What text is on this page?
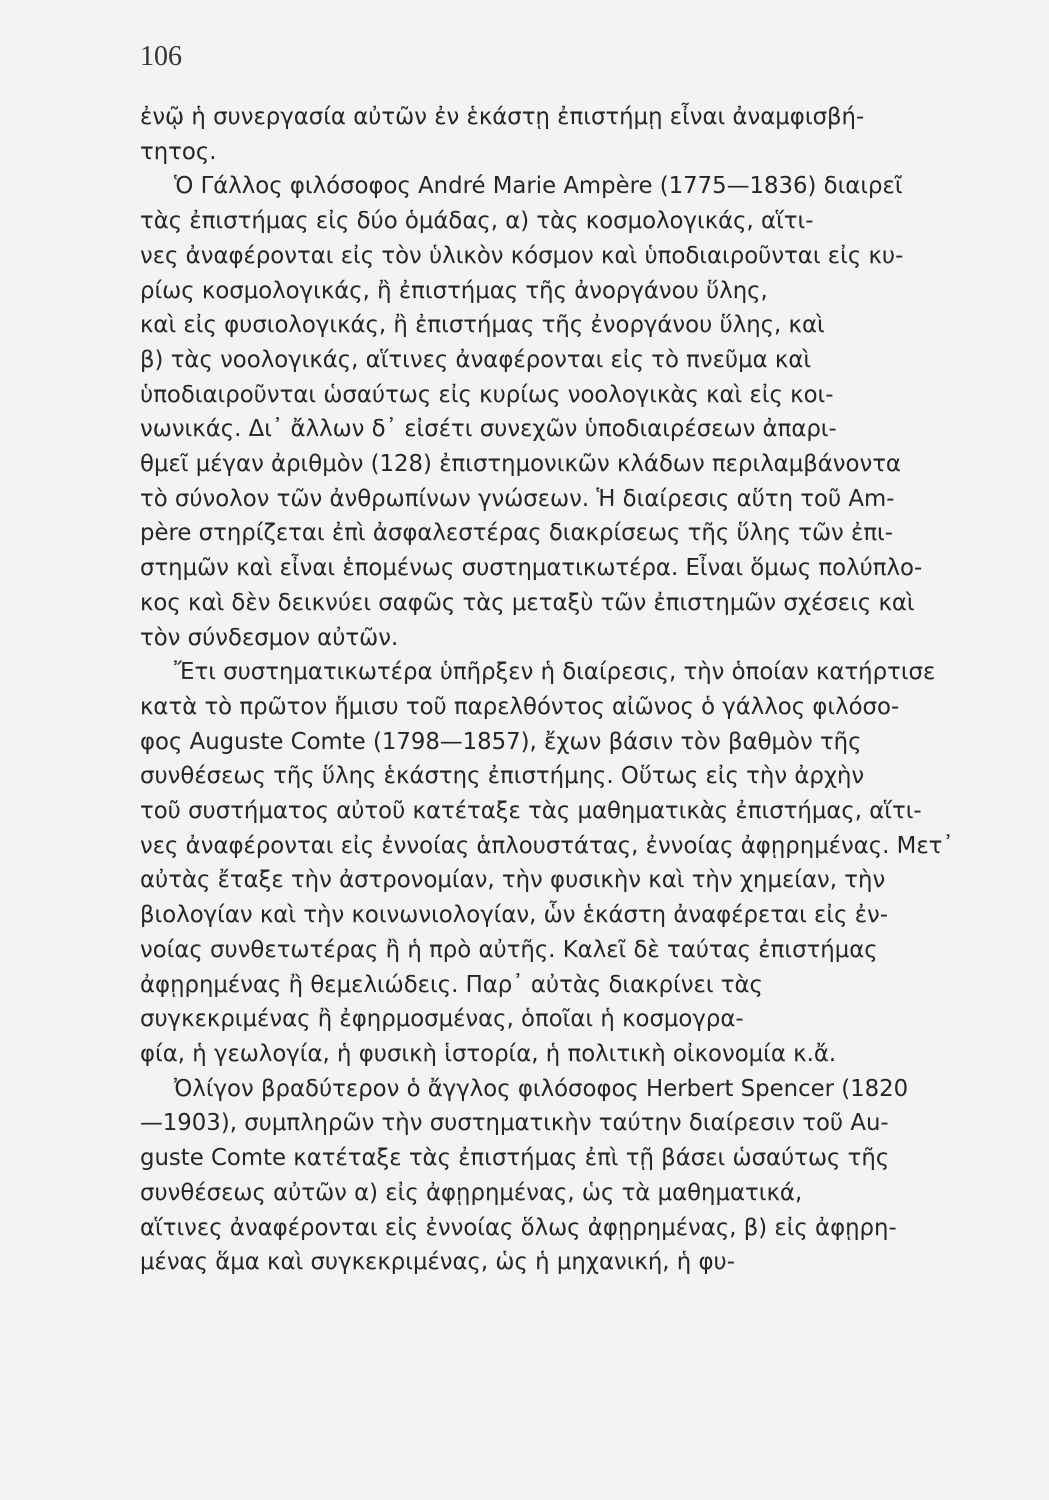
106
ἐνῷ ἡ συνεργασία αὐτῶν ἐν ἑκάστῃ ἐπιστήμῃ εἶναι ἀναμφισβή-
τητος.
Ὁ Γάλλος φιλόσοφος André Marie Ampère (1775—1836) διαιρεῖ
τὰς ἐπιστήμας εἰς δύο ὁμάδας, α) τὰς κοσμολογικάς, αἵτι-
νες ἀναφέρονται εἰς τὸν ὑλικὸν κόσμον καὶ ὑποδιαιροῦνται εἰς κυ-
ρίως κοσμολογικάς, ἢ ἐπιστήμας τῆς ἀνοργάνου ὕλης,
καὶ εἰς φυσιολογικάς, ἢ ἐπιστήμας τῆς ἐνοργάνου ὕλης, καὶ
β) τὰς νοολογικάς, αἵτινες ἀναφέρονται εἰς τὸ πνεῦμα καὶ
ὑποδιαιροῦνται ὡσαύτως εἰς κυρίως νοολογικὰς καὶ εἰς κοι-
νωνικάς. Δι᾽ ἄλλων δ᾽ εἰσέτι συνεχῶν ὑποδιαιρέσεων ἀπαρι-
θμεῖ μέγαν ἀριθμὸν (128) ἐπιστημονικῶν κλάδων περιλαμβάνοντα
τὸ σύνολον τῶν ἀνθρωπίνων γνώσεων. Ἡ διαίρεσις αὕτη τοῦ Am-
père στηρίζεται ἐπὶ ἀσφαλεστέρας διακρίσεως τῆς ὕλης τῶν ἐπι-
στημῶν καὶ εἶναι ἑπομένως συστηματικωτέρα. Εἶναι ὅμως πολύπλο-
κος καὶ δὲν δεικνύει σαφῶς τὰς μεταξὺ τῶν ἐπιστημῶν σχέσεις καὶ
τὸν σύνδεσμον αὐτῶν.
Ἔτι συστηματικωτέρα ὑπῆρξεν ἡ διαίρεσις, τὴν ὁποίαν κατήρτισε
κατὰ τὸ πρῶτον ἥμισυ τοῦ παρελθόντος αἰῶνος ὁ γάλλος φιλόσο-
φος Auguste Comte (1798—1857), ἔχων βάσιν τὸν βαθμὸν τῆς
συνθέσεως τῆς ὕλης ἑκάστης ἐπιστήμης. Οὕτως εἰς τὴν ἀρχὴν
τοῦ συστήματος αὐτοῦ κατέταξε τὰς μαθηματικὰς ἐπιστήμας, αἵτι-
νες ἀναφέρονται εἰς ἐννοίας ἁπλουστάτας, ἐννοίας ἀφῃρημένας. Μετ᾽
αὐτὰς ἔταξε τὴν ἀστρονομίαν, τὴν φυσικὴν καὶ τὴν χημείαν, τὴν
βιολογίαν καὶ τὴν κοινωνιολογίαν, ὧν ἑκάστη ἀναφέρεται εἰς ἐν-
νοίας συνθετωτέρας ἢ ἡ πρὸ αὐτῆς. Καλεῖ δὲ ταύτας ἐπιστήμας
ἀφῃρημένας ἢ θεμελιώδεις. Παρ᾽ αὐτὰς διακρίνει τὰς
συγκεκριμένας ἢ ἐφηρμοσμένας, ὁποῖαι ἡ κοσμογρα-
φία, ἡ γεωλογία, ἡ φυσικὴ ἱστορία, ἡ πολιτικὴ οἰκονομία κ.ἄ.
Ὀλίγον βραδύτερον ὁ ἄγγλος φιλόσοφος Herbert Spencer (1820
—1903), συμπληρῶν τὴν συστηματικὴν ταύτην διαίρεσιν τοῦ Au-
guste Comte κατέταξε τὰς ἐπιστήμας ἐπὶ τῇ βάσει ὡσαύτως τῆς
συνθέσεως αὐτῶν α) εἰς ἀφῃρημένας, ὡς τὰ μαθηματικά,
αἵτινες ἀναφέρονται εἰς ἐννοίας ὅλως ἀφῃρημένας, β) εἰς ἀφῃρη-
μένας ἅμα καὶ συγκεκριμένας, ὡς ἡ μηχανική, ἡ φυ-
